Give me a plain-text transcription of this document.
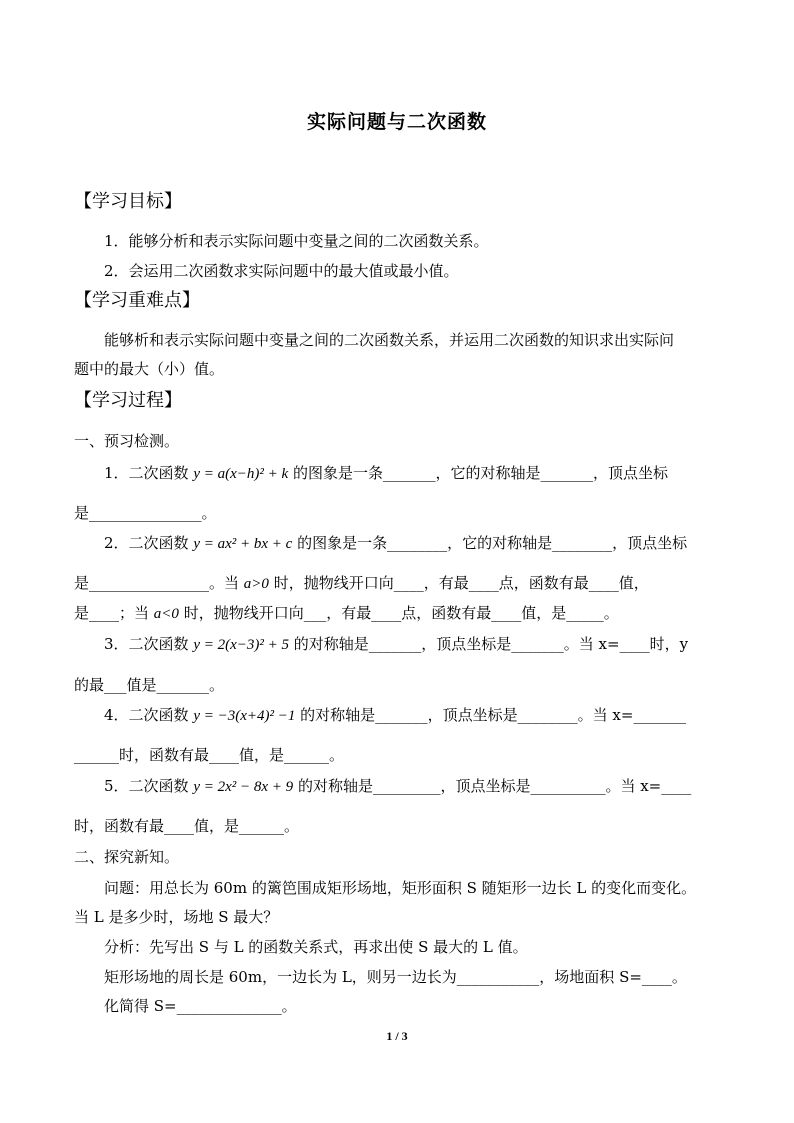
实际问题与二次函数
【学习目标】
1．能够分析和表示实际问题中变量之间的二次函数关系。
2．会运用二次函数求实际问题中的最大值或最小值。
【学习重难点】
能够析和表示实际问题中变量之间的二次函数关系，并运用二次函数的知识求出实际问
题中的最大（小）值。
【学习过程】
一、预习检测。
1．二次函数 y = a(x−h)² + k 的图象是一条_______，它的对称轴是_______，顶点坐标
是_______________。
2．二次函数 y = ax² + bx + c 的图象是一条________，它的对称轴是________，顶点坐标
是________________。当 a>0 时，抛物线开口向____，有最____点，函数有最____值，
是____；当 a<0 时，抛物线开口向___，有最____点，函数有最____值，是_____。
3．二次函数 y = 2(x−3)² + 5 的对称轴是_______，顶点坐标是_______。当 x=____时，y
的最___值是_______。
4．二次函数 y = −3(x+4)² −1 的对称轴是_______，顶点坐标是________。当 x=_______
______时，函数有最____值，是______。
5．二次函数 y = 2x² − 8x + 9 的对称轴是_________，顶点坐标是__________。当 x=____
时，函数有最____值，是______。
二、探究新知。
问题：用总长为 60m 的篱笆围成矩形场地，矩形面积 S 随矩形一边长 L 的变化而变化。
当 L 是多少时，场地 S 最大？
分析：先写出 S 与 L 的函数关系式，再求出使 S 最大的 L 值。
矩形场地的周长是 60m，一边长为 L，则另一边长为___________，场地面积 S=____。
化简得 S=______________。
1 / 3
